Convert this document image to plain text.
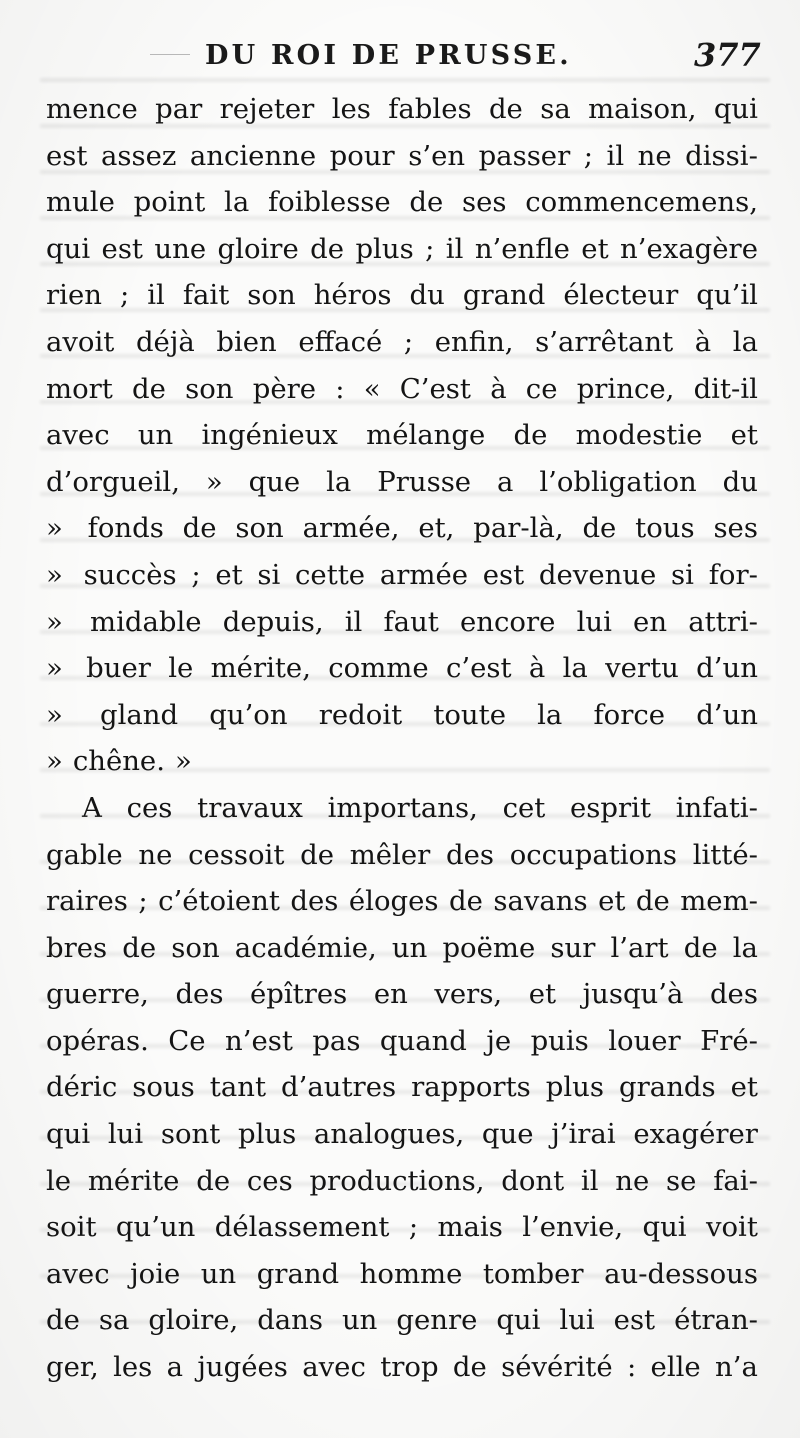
DU ROI DE PRUSSE.	377
mence par rejeter les fables de sa maison, qui
est assez ancienne pour s’en passer ; il ne dissi-
mule point la foiblesse de ses commencemens,
qui est une gloire de plus ; il n’enfle et n’exagère
rien ; il fait son héros du grand électeur qu’il
avoit déjà bien effacé ; enfin, s’arrêtant à la
mort de son père : « C’est à ce prince, dit-il
avec un ingénieux mélange de modestie et
d’orgueil, » que la Prusse a l’obligation du
» fonds de son armée, et, par-là, de tous ses
» succès ; et si cette armée est devenue si for-
» midable depuis, il faut encore lui en attri-
» buer le mérite, comme c’est à la vertu d’un
» gland qu’on redoit toute la force d’un
» chêne. »
A ces travaux importans, cet esprit infati-
gable ne cessoit de mêler des occupations litté-
raires ; c’étoient des éloges de savans et de mem-
bres de son académie, un poëme sur l’art de la
guerre, des épîtres en vers, et jusqu’à des
opéras. Ce n’est pas quand je puis louer Fré-
déric sous tant d’autres rapports plus grands et
qui lui sont plus analogues, que j’irai exagérer
le mérite de ces productions, dont il ne se fai-
soit qu’un délassement ; mais l’envie, qui voit
avec joie un grand homme tomber au-dessous
de sa gloire, dans un genre qui lui est étran-
ger, les a jugées avec trop de sévérité : elle n’a
